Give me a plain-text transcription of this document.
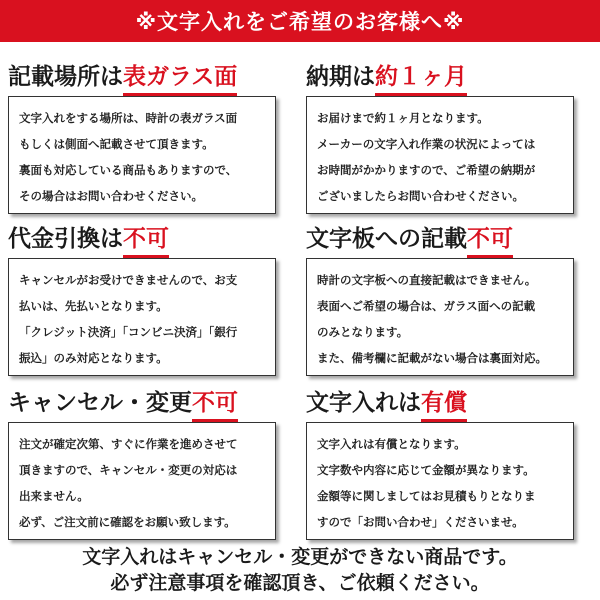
※文字入れをご希望のお客様へ※
記載場所は表ガラス面

文字入れをする場所は、時計の表ガラス面

もしくは側面へ記載させて頂きます。

裏面も対応している商品もありますので、

その場合はお問い合わせください。

納期は約１ヶ月

お届けまで約１ヶ月となります。

メーカーの文字入れ作業の状況によっては

お時間がかかりますので、ご希望の納期が

ございましたらお問い合わせください。

代金引換は不可

キャンセルがお受けできませんので、お支

払いは、先払いとなります。

「クレジット決済」「コンビニ決済」「銀行

振込」のみ対応となります。

文字板への記載不可

時計の文字板への直接記載はできません。

表面へご希望の場合は、ガラス面への記載

のみとなります。

また、備考欄に記載がない場合は裏面対応。

キャンセル・変更不可

注文が確定次第、すぐに作業を進めさせて

頂きますので、キャンセル・変更の対応は

出来ません。

必ず、ご注文前に確認をお願い致します。

文字入れは有償

文字入れは有償となります。

文字数や内容に応じて金額が異なります。

金額等に関しましてはお見積もりとなりま

すので「お問い合わせ」くださいませ。

文字入れはキャンセル・変更ができない商品です。
必ず注意事項を確認頂き、ご依頼ください。
